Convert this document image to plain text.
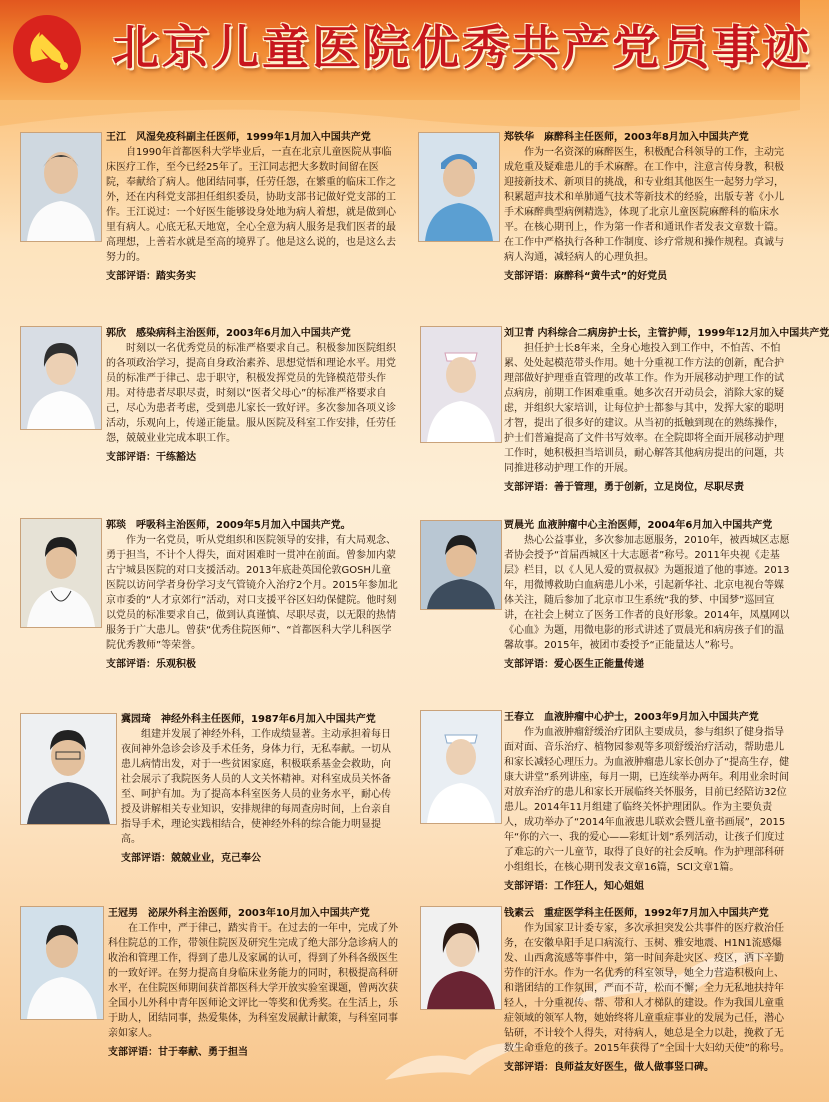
北京儿童医院优秀共产党员事迹
王江　风湿免疫科副主任医师，1999年1月加入中国共产党
自1990年首都医科大学毕业后，一直在北京儿童医院从事临床医疗工作，至今已经25年了。王江同志把大多数时间留在医院，奉献给了病人。他团结同事，任劳任怨，在繁重的临床工作之外，还在内科党支部担任组织委员，协助支部书记做好党支部的工作。王江说过：一个好医生能够设身处地为病人着想，就是做到心里有病人。心底无私天地宽，全心全意为病人服务是我们医者的最高理想，上善若水就是至高的境界了。他是这么说的，也是这么去努力的。
支部评语：踏实务实
郑铁华　麻醉科主任医师，2003年8月加入中国共产党
作为一名资深的麻醉医生，积极配合科领导的工作，主动完成危重及疑难患儿的手术麻醉。在工作中，注意言传身教，积极迎接新技术、新项目的挑战，和专业组其他医生一起努力学习，积累超声技术和单肺通气技术等新技术的经验，出版专著《小儿手术麻醉典型病例精选》，体现了北京儿童医院麻醉科的临床水平。在核心期刊上，作为第一作者和通讯作者发表文章数十篇。在工作中严格执行各种工作制度、诊疗常规和操作规程。真诚与病人沟通，减轻病人的心理负担。
支部评语：麻醉科“黄牛式”的好党员
郭欣　感染病科主治医师，2003年6月加入中国共产党
时刻以一名优秀党员的标准严格要求自己。积极参加医院组织的各项政治学习，提高自身政治素养、思想觉悟和理论水平。用党员的标准严于律己、忠于职守，积极发挥党员的先锋模范带头作用。对待患者尽职尽责，时刻以“医者父母心”的标准严格要求自己，尽心为患者考虑，受到患儿家长一致好评。多次参加各项义诊活动，乐观向上，传递正能量。服从医院及科室工作安排，任劳任怨，兢兢业业完成本职工作。
支部评语：干练豁达
刘卫青 内科综合二病房护士长，主管护师，1999年12月加入中国共产党
担任护士长8年来，全身心地投入到工作中，不怕苦、不怕累、处处起模范带头作用。她十分重视工作方法的创新，配合护理部做好护理垂直管理的改革工作。作为开展移动护理工作的试点病房，前期工作困难重重。她多次召开动员会，消除大家的疑虑，并组织大家培训，让每位护士都参与其中，发挥大家的聪明才智，提出了很多好的建议。从当初的抵触到现在的熟练操作，护士们普遍提高了文件书写效率。在全院即将全面开展移动护理工作时，她积极担当培训员，耐心解答其他病房提出的问题，共同推进移动护理工作的开展。
支部评语：善于管理，勇于创新，立足岗位，尽职尽责
郭琰　呼吸科主治医师，2009年5月加入中国共产党。
作为一名党员，听从党组织和医院领导的安排，有大局观念、勇于担当，不计个人得失，面对困难时一贯冲在前面。曾参加内蒙古宁城县医院的对口支援活动。2013年底赴英国伦敦GOSH儿童医院以访问学者身份学习支气管镜介入治疗2个月。2015年参加北京市委的“人才京郊行”活动，对口支援平谷区妇幼保健院。他时刻以党员的标准要求自己，做到认真谨慎、尽职尽责，以无限的热情服务于广大患儿。曾获“优秀住院医师”、“首都医科大学儿科医学院优秀教师”等荣誉。
支部评语：乐观积极
贾晨光 血液肿瘤中心主治医师，2004年6月加入中国共产党
热心公益事业，多次参加志愿服务，2010年，被西城区志愿者协会授予“首届西城区十大志愿者”称号。2011年央视《走基层》栏目，以《人见人爱的贾叔叔》为题报道了他的事迹。2013年，用微博救助白血病患儿小米，引起新华社、北京电视台等媒体关注，随后参加了北京市卫生系统“我的梦、中国梦”巡回宣讲，在社会上树立了医务工作者的良好形象。2014年，凤凰网以《心血》为题，用微电影的形式讲述了贾晨光和病房孩子们的温馨故事。2015年，被团市委授予“正能量达人”称号。
支部评语：爱心医生正能量传递
冀园琦　神经外科主任医师，1987年6月加入中国共产党
组建并发展了神经外科，工作成绩显著。主动承担着每日夜间神外急诊会诊及手术任务，身体力行，无私奉献。一切从患儿病情出发，对于一些贫困家庭，积极联系基金会救助，向社会展示了我院医务人员的人文关怀精神。对科室成员关怀备至、呵护有加。为了提高本科室医务人员的业务水平，耐心传授及讲解相关专业知识，安排规律的每周查房时间，上台亲自指导手术，理论实践相结合，使神经外科的综合能力明显提高。
支部评语：兢兢业业，克己奉公
王春立　血液肿瘤中心护士，2003年9月加入中国共产党
作为血液肿瘤舒缓治疗团队主要成员，参与组织了健身指导面对面、音乐治疗、植物园参观等多项舒缓治疗活动，帮助患儿和家长减轻心理压力。为血液肿瘤患儿家长创办了“提高生存，健康大讲堂”系列讲座，每月一期，已连续举办两年。利用业余时间对放弃治疗的患儿和家长开展临终关怀服务，目前已经陪访32位患儿。2014年11月组建了临终关怀护理团队。作为主要负责人，成功举办了“2014年血液患儿联欢会暨儿童书画展”，2015年“你的六一、我的爱心——彩虹计划”系列活动，让孩子们度过了难忘的六一儿童节，取得了良好的社会反响。作为护理部科研小组组长，在核心期刊发表文章16篇，SCI文章1篇。
支部评语：工作狂人，知心姐姐
王冠男　泌尿外科主治医师，2003年10月加入中国共产党
在工作中，严于律己，踏实肯干。在过去的一年中，完成了外科住院总的工作，带领住院医及研究生完成了绝大部分急诊病人的收治和管理工作，得到了患儿及家属的认可，得到了外科各级医生的一致好评。在努力提高自身临床业务能力的同时，积极提高科研水平，在住院医师期间获首都医科大学开放实验室课题，曾两次获全国小儿外科中青年医师论文评比一等奖和优秀奖。在生活上，乐于助人，团结同事，热爱集体，为科室发展献计献策，与科室同事亲如家人。
支部评语：甘于奉献、勇于担当
钱素云　重症医学科主任医师，1992年7月加入中国共产党
作为国家卫计委专家，多次承担突发公共事件的医疗救治任务，在安徽阜阳手足口病流行、玉树、雅安地震、H1N1流感爆发、山西禽流感等事件中，第一时间奔赴灾区、疫区，洒下辛勤劳作的汗水。作为一名优秀的科室领导，她全力营造积极向上、和谐团结的工作氛围，严而不苛，松而不懈；全力无私地扶持年轻人，十分重视传、帮、带和人才梯队的建设。作为我国儿童重症领域的领军人物，她始终将儿童重症事业的发展为己任，潜心钻研，不计较个人得失，对待病人，她总是全力以赴，挽救了无数生命垂危的孩子。2015年获得了“全国十大妇幼天使”的称号。
支部评语：良师益友好医生，做人做事竖口碑。
